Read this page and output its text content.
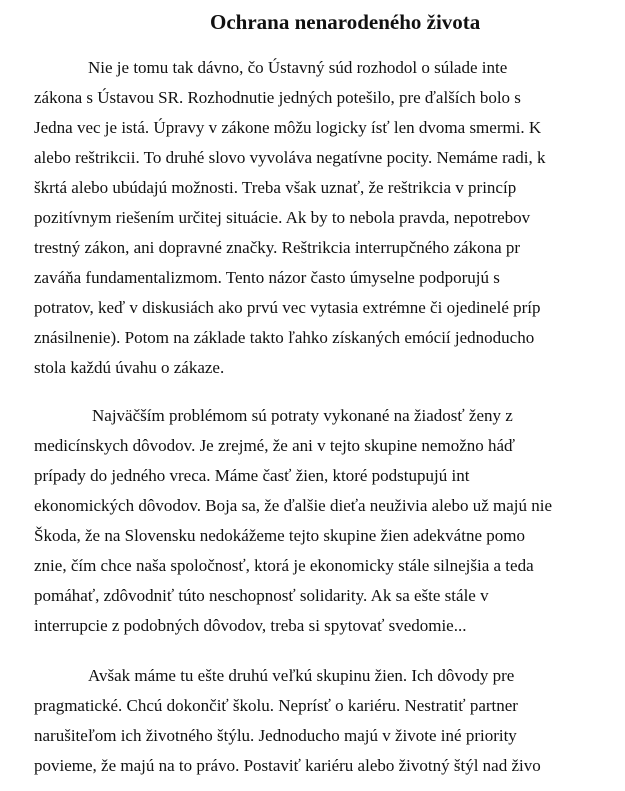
Ochrana nenarodeného života

Nie je tomu tak dávno, čo Ústavný súd rozhodol o súlade inte

zákona s Ústavou SR. Rozhodnutie jedných potešilo, pre ďalších bolo s

Jedna vec je istá. Úpravy v zákone môžu logicky ísť len dvoma smermi. K

alebo reštrikcii. To druhé slovo vyvoláva negatívne pocity. Nemáme radi, k

škrtá alebo ubúdajú možnosti. Treba však uznať, že reštrikcia v princíp

pozitívnym riešením určitej situácie. Ak by to nebola pravda, nepotrebov

trestný zákon, ani dopravné značky. Reštrikcia interrupčného zákona pr

zaváňa fundamentalizmom. Tento názor často úmyselne podporujú s

potratov, keď v diskusiách ako prvú vec vytasia extrémne či ojedinelé príp

znásilnenie). Potom na základe takto ľahko získaných emócií jednoducho

stola každú úvahu o zákaze.

Najväčším problémom sú potraty vykonané na žiadosť ženy z

medicínskych dôvodov. Je zrejmé, že ani v tejto skupine nemožno háď

prípady do jedného vreca. Máme časť žien, ktoré podstupujú int

ekonomických dôvodov. Boja sa, že ďalšie dieťa neuživia alebo už majú nie

Škoda, že na Slovensku nedokážeme tejto skupine žien adekvátne pomo

znie, čím chce naša spoločnosť, ktorá je ekonomicky stále silnejšia a teda

pomáhať, zdôvodniť túto neschopnosť solidarity. Ak sa ešte stále v

interrupcie z podobných dôvodov, treba si spytovať svedomie...

Avšak máme tu ešte druhú veľkú skupinu žien. Ich dôvody pre

pragmatické. Chcú dokončiť školu. Neprísť o kariéru. Nestratiť partner

narušiteľom ich životného štýlu. Jednoducho majú v živote iné priority

povieme, že majú na to právo. Postaviť kariéru alebo životný štýl nad živo
